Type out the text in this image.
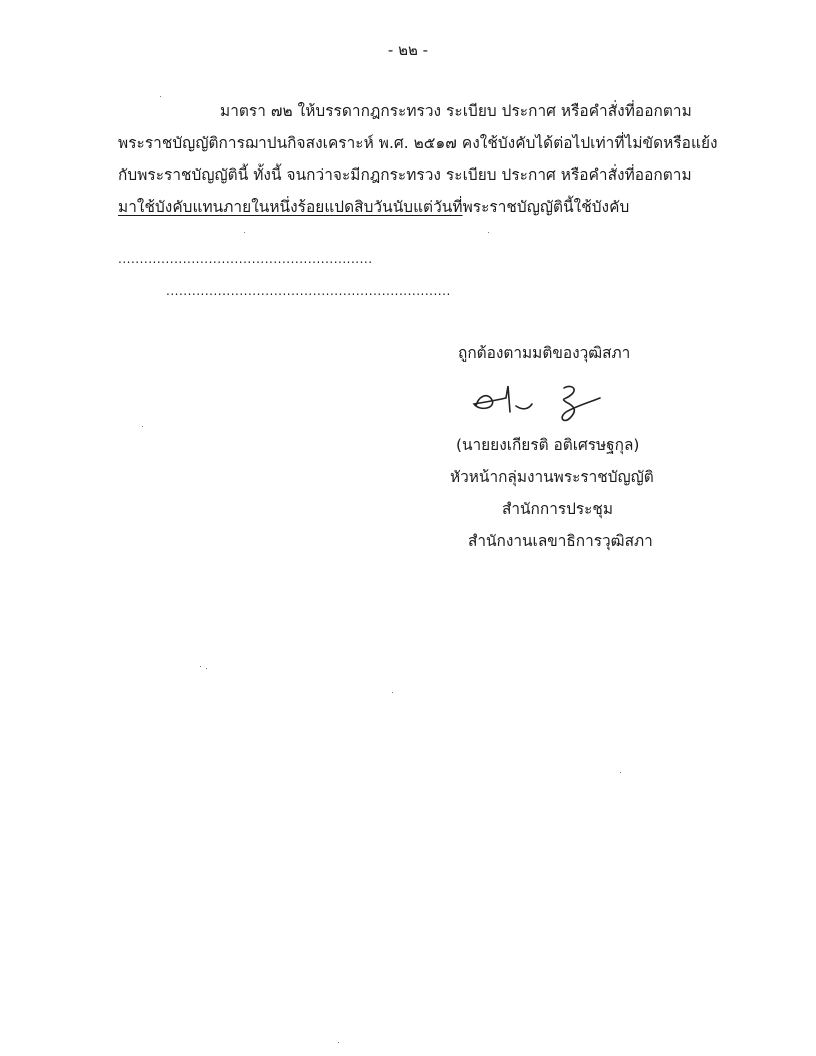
- ๒๒ -
มาตรา ๗๒ ให้บรรดากฎกระทรวง ระเบียบ ประกาศ หรือคำสั่งที่ออกตาม
พระราชบัญญัติการฌาปนกิจสงเคราะห์ พ.ศ. ๒๕๑๗ คงใช้บังคับได้ต่อไปเท่าที่ไม่ขัดหรือแย้ง
กับพระราชบัญญัตินี้ ทั้งนี้ จนกว่าจะมีกฎกระทรวง ระเบียบ ประกาศ หรือคำสั่งที่ออกตาม
มาใช้บังคับแทนภายในหนึ่งร้อยแปดสิบวันนับแต่วันที่พระราชบัญญัตินี้ใช้บังคับ
...........................................................
..................................................................
ถูกต้องตามมติของวุฒิสภา
(นายยงเกียรติ อติเศรษฐกุล)
หัวหน้ากลุ่มงานพระราชบัญญัติ
สำนักการประชุม
สำนักงานเลขาธิการวุฒิสภา
